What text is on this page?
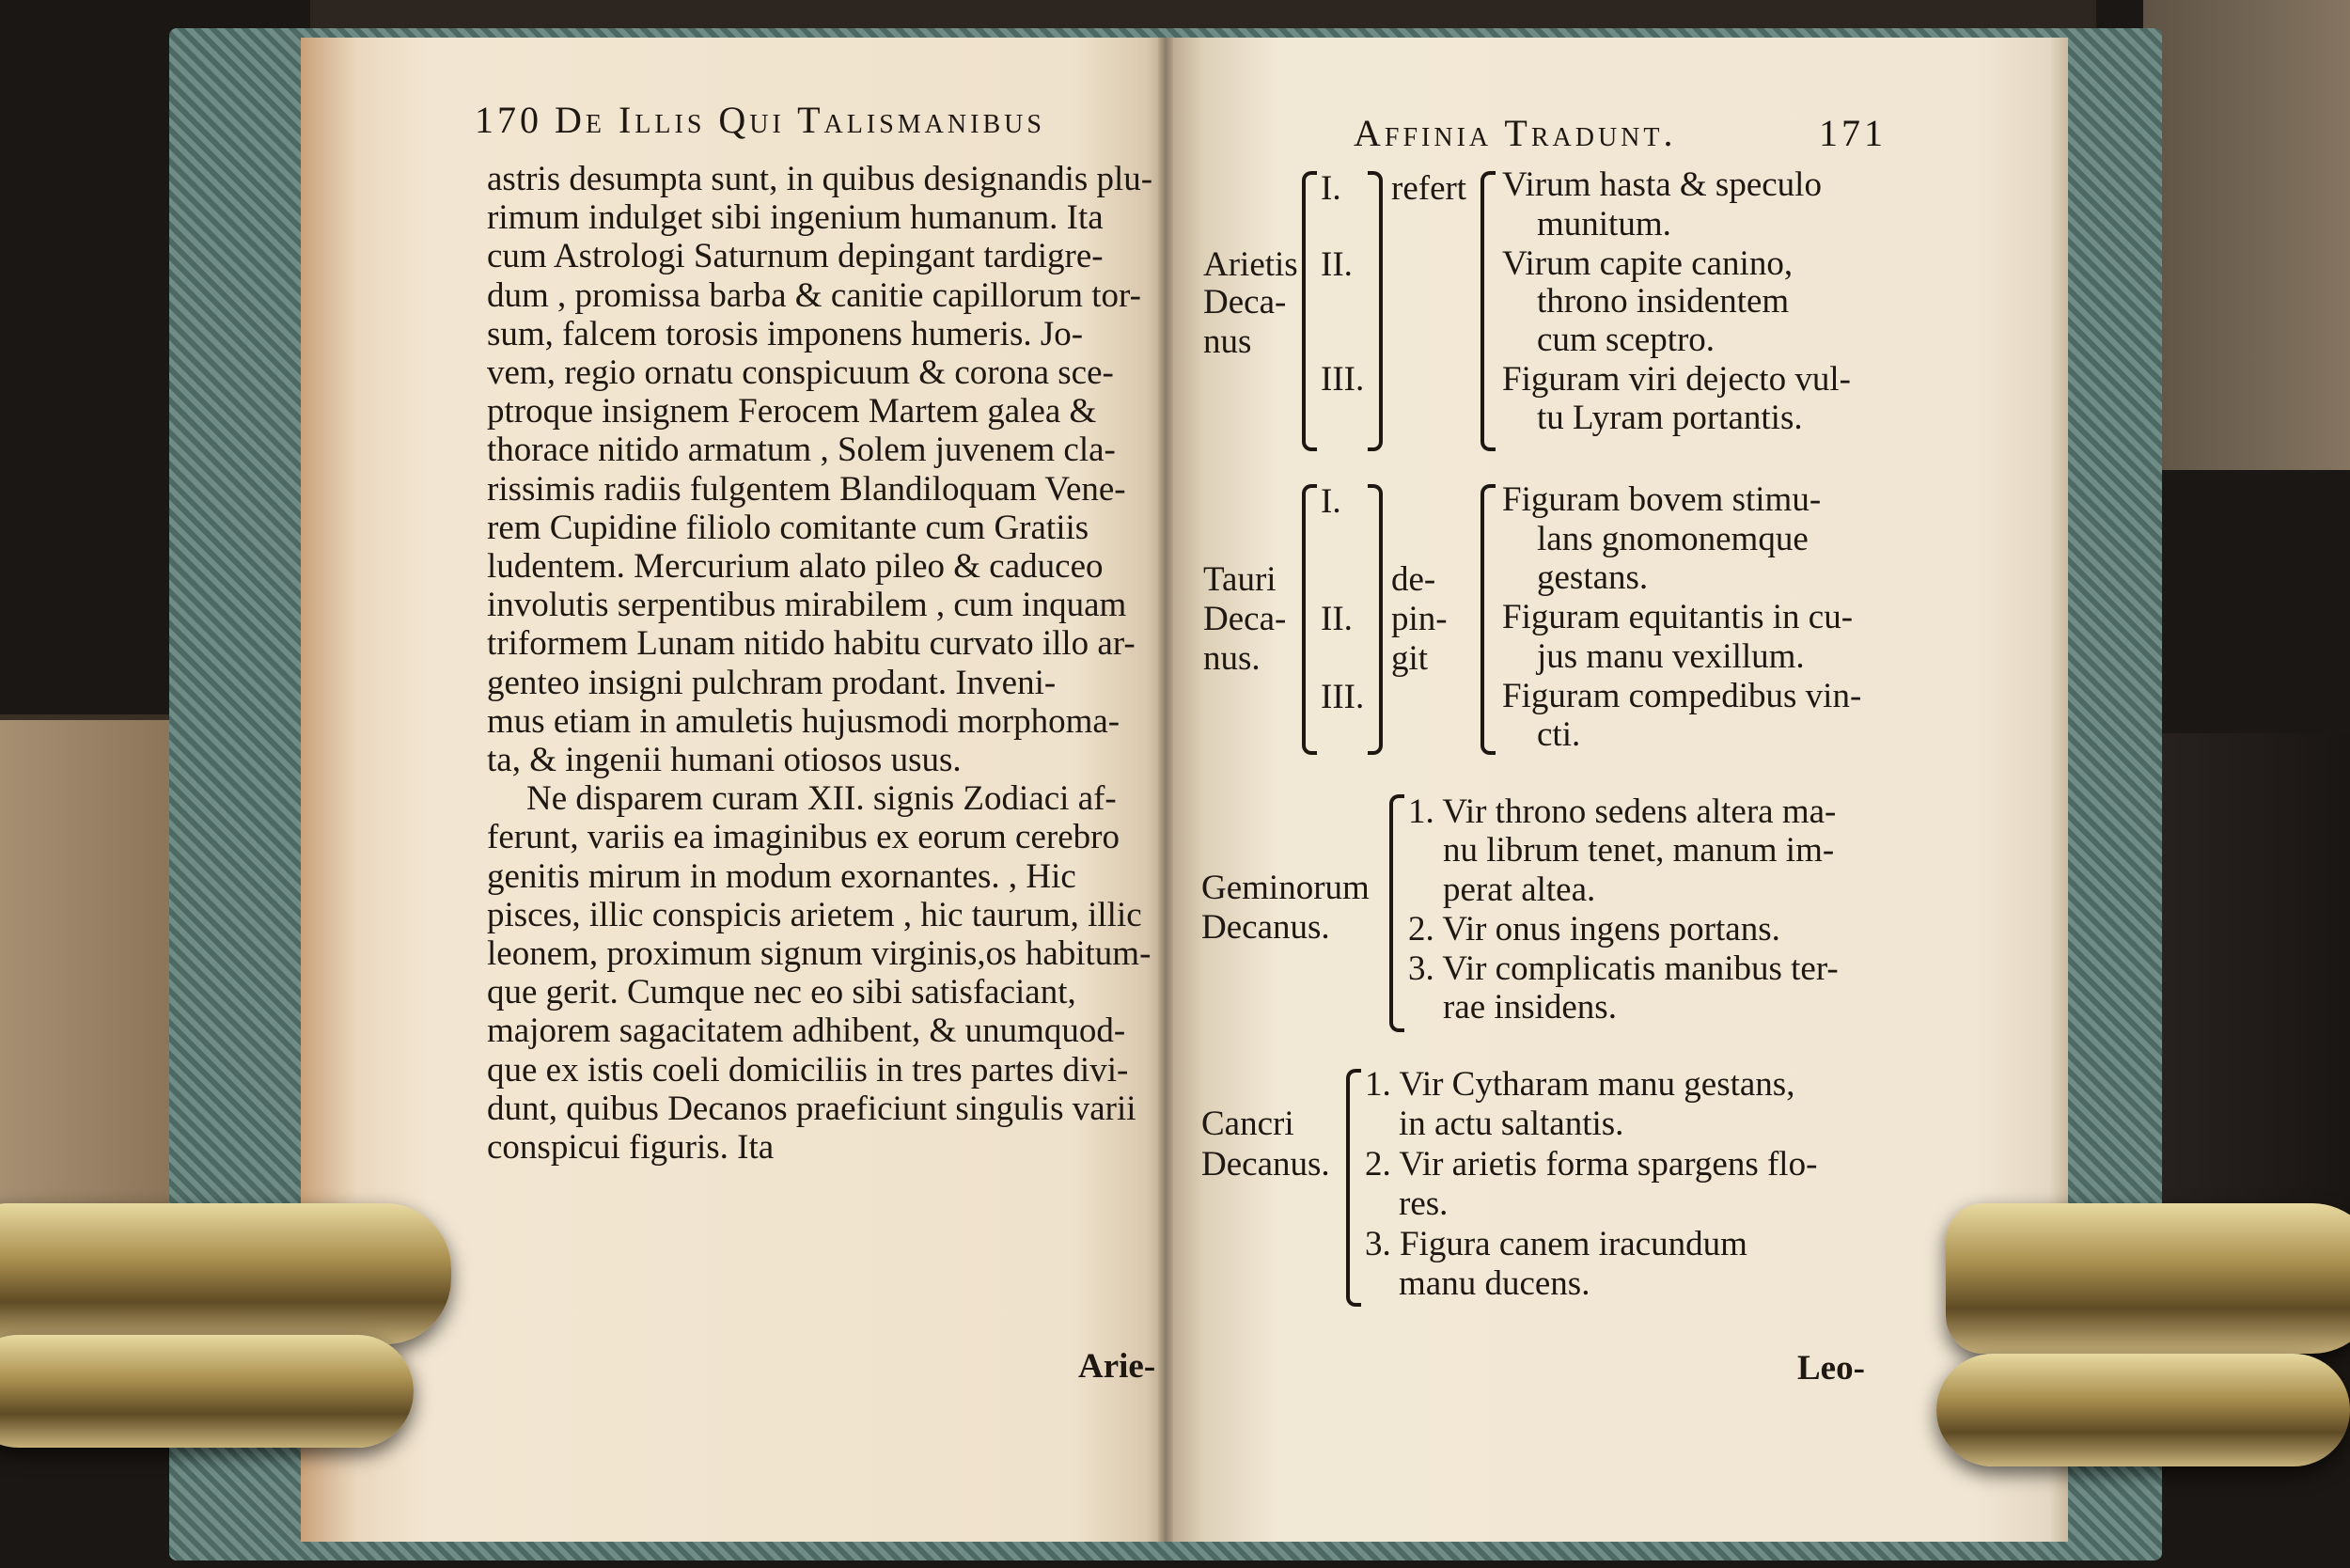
170 De Illis Qui Talismanibus
astris desumpta sunt, in quibus designandis plu-
rimum indulget sibi ingenium humanum. Ita
cum Astrologi Saturnum depingant tardigre-
dum , promissa barba & canitie capillorum tor-
sum, falcem torosis imponens humeris. Jo-
vem, regio ornatu conspicuum & corona sce-
ptroque insignem Ferocem Martem galea &
thorace nitido armatum , Solem juvenem cla-
rissimis radiis fulgentem Blandiloquam Vene-
rem Cupidine filiolo comitante cum Gratiis
ludentem. Mercurium alato pileo & caduceo
involutis serpentibus mirabilem , cum inquam
triformem Lunam nitido habitu curvato illo ar-
genteo insigni pulchram prodant. Inveni-
mus etiam in amuletis hujusmodi morphoma-
ta, & ingenii humani otiosos usus.
Ne disparem curam XII. signis Zodiaci af-
ferunt, variis ea imaginibus ex eorum cerebro
genitis mirum in modum exornantes. , Hic
pisces, illic conspicis arietem , hic taurum, illic
leonem, proximum signum virginis,os habitum-
que gerit. Cumque nec eo sibi satisfaciant,
majorem sagacitatem adhibent, & unumquod-
que ex istis coeli domiciliis in tres partes divi-
dunt, quibus Decanos praeficiunt singulis varii
conspicui figuris. Ita
Arie-
Affinia Tradunt.	171
Arietis
Deca-
nus
I.
II.
III.
refert Virum hasta & speculo
munitum.
Virum capite canino,
throno insidentem
cum sceptro.
Figuram viri dejecto vul-
tu Lyram portantis.
Tauri
Deca-
nus.
I.
II.
III.
de-
pin-
git
Figuram bovem stimu-
lans gnomonemque
gestans.
Figuram equitantis in cu-
jus manu vexillum.
Figuram compedibus vin-
cti.
Geminorum
Decanus.
1. Vir throno sedens altera ma-
nu librum tenet, manum im-
perat altea.
2. Vir onus ingens portans.
3. Vir complicatis manibus ter-
rae insidens.
Cancri
Decanus.
1. Vir Cytharam manu gestans,
in actu saltantis.
2. Vir arietis forma spargens flo-
res.
3. Figura canem iracundum
manu ducens.
Leo-
